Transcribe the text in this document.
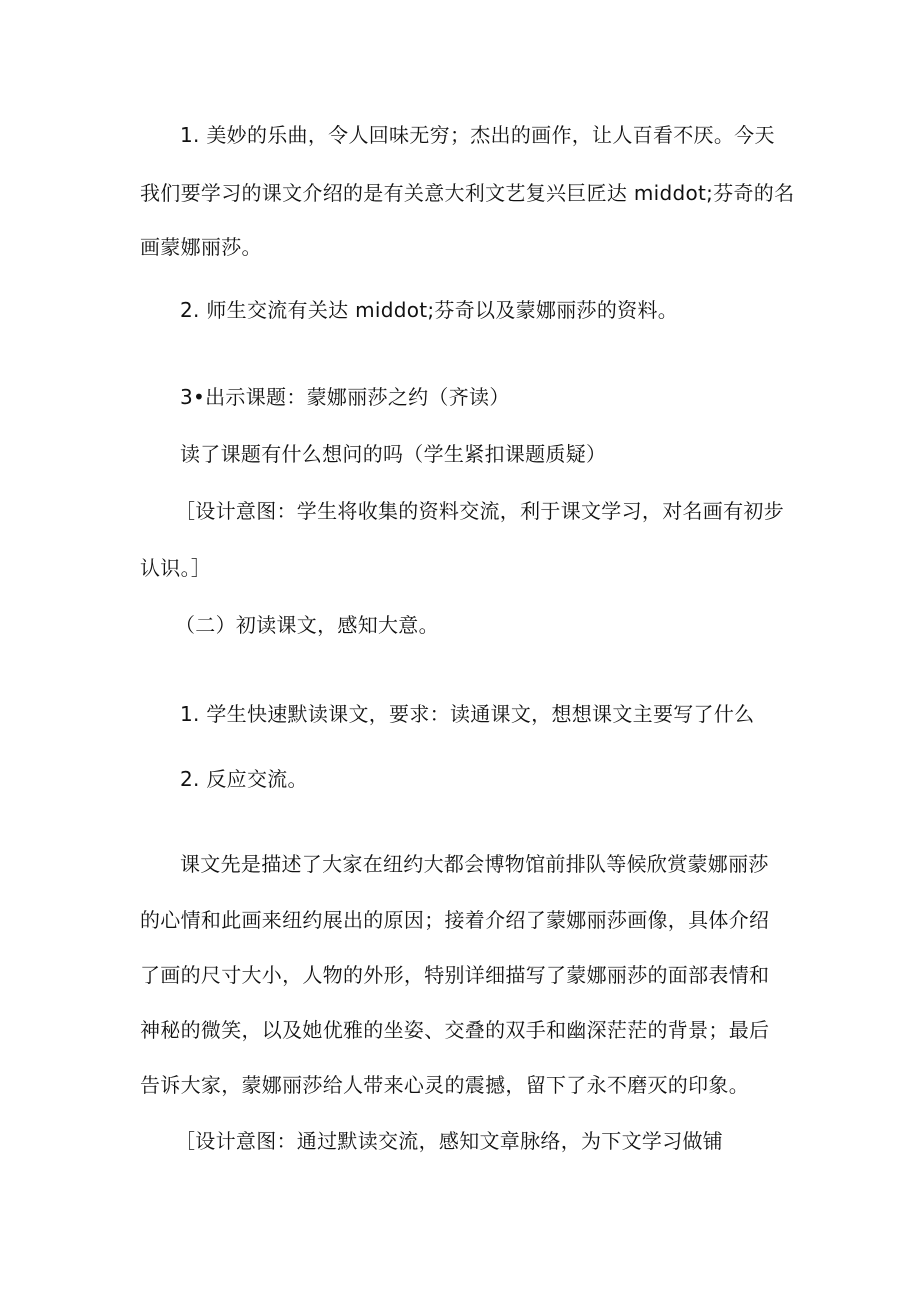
1. 美妙的乐曲，令人回味无穷；杰出的画作，让人百看不厌。今天
我们要学习的课文介绍的是有关意大利文艺复兴巨匠达 middot;芬奇的名
画蒙娜丽莎。
2. 师生交流有关达 middot;芬奇以及蒙娜丽莎的资料。
3•出示课题：蒙娜丽莎之约（齐读）
读了课题有什么想问的吗（学生紧扣课题质疑）
［设计意图：学生将收集的资料交流，利于课文学习，对名画有初步
认识。］
（二）初读课文，感知大意。
1. 学生快速默读课文，要求：读通课文，想想课文主要写了什么
2. 反应交流。
课文先是描述了大家在纽约大都会博物馆前排队等候欣赏蒙娜丽莎
的心情和此画来纽约展出的原因；接着介绍了蒙娜丽莎画像，具体介绍
了画的尺寸大小，人物的外形，特别详细描写了蒙娜丽莎的面部表情和
神秘的微笑，以及她优雅的坐姿、交叠的双手和幽深茫茫的背景；最后
告诉大家，蒙娜丽莎给人带来心灵的震撼，留下了永不磨灭的印象。
［设计意图：通过默读交流，感知文章脉络，为下文学习做铺
